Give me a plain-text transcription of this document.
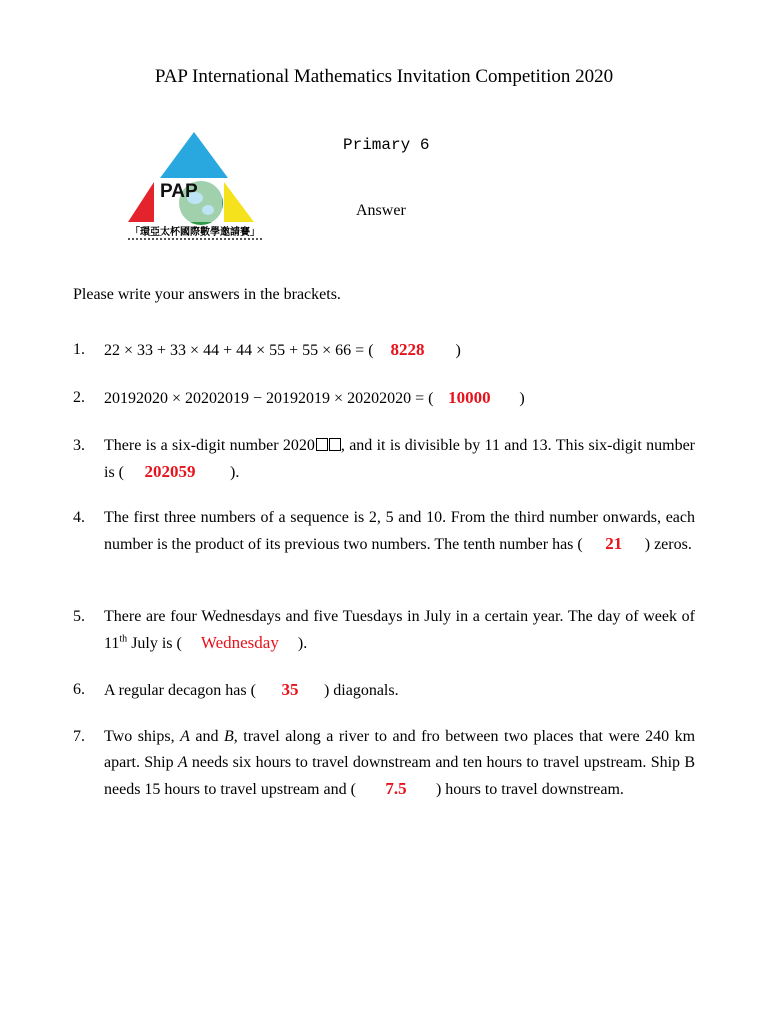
PAP International Mathematics Invitation Competition 2020
Primary 6
Answer
PAP
「環亞太杯國際數學邀請賽」
Please write your answers in the brackets.
1. 22 × 33 + 33 × 44 + 44 × 55 + 55 × 66 = ( 8228 )
2. 20192020 × 20202019 − 20192019 × 20202020 = ( 10000 )
3. There is a six-digit number 2020 , and it is divisible by 11 and 13. This six-digit number is ( 202059 ).
4. The first three numbers of a sequence is 2, 5 and 10. From the third number onwards, each number is the product of its previous two numbers. The tenth number has ( 21 ) zeros.
5. There are four Wednesdays and five Tuesdays in July in a certain year. The day of week of 11th July is ( Wednesday ).
6. A regular decagon has ( 35 ) diagonals.
7. Two ships, A and B, travel along a river to and fro between two places that were 240 km apart. Ship A needs six hours to travel downstream and ten hours to travel upstream. Ship B needs 15 hours to travel upstream and ( 7.5 ) hours to travel downstream.
